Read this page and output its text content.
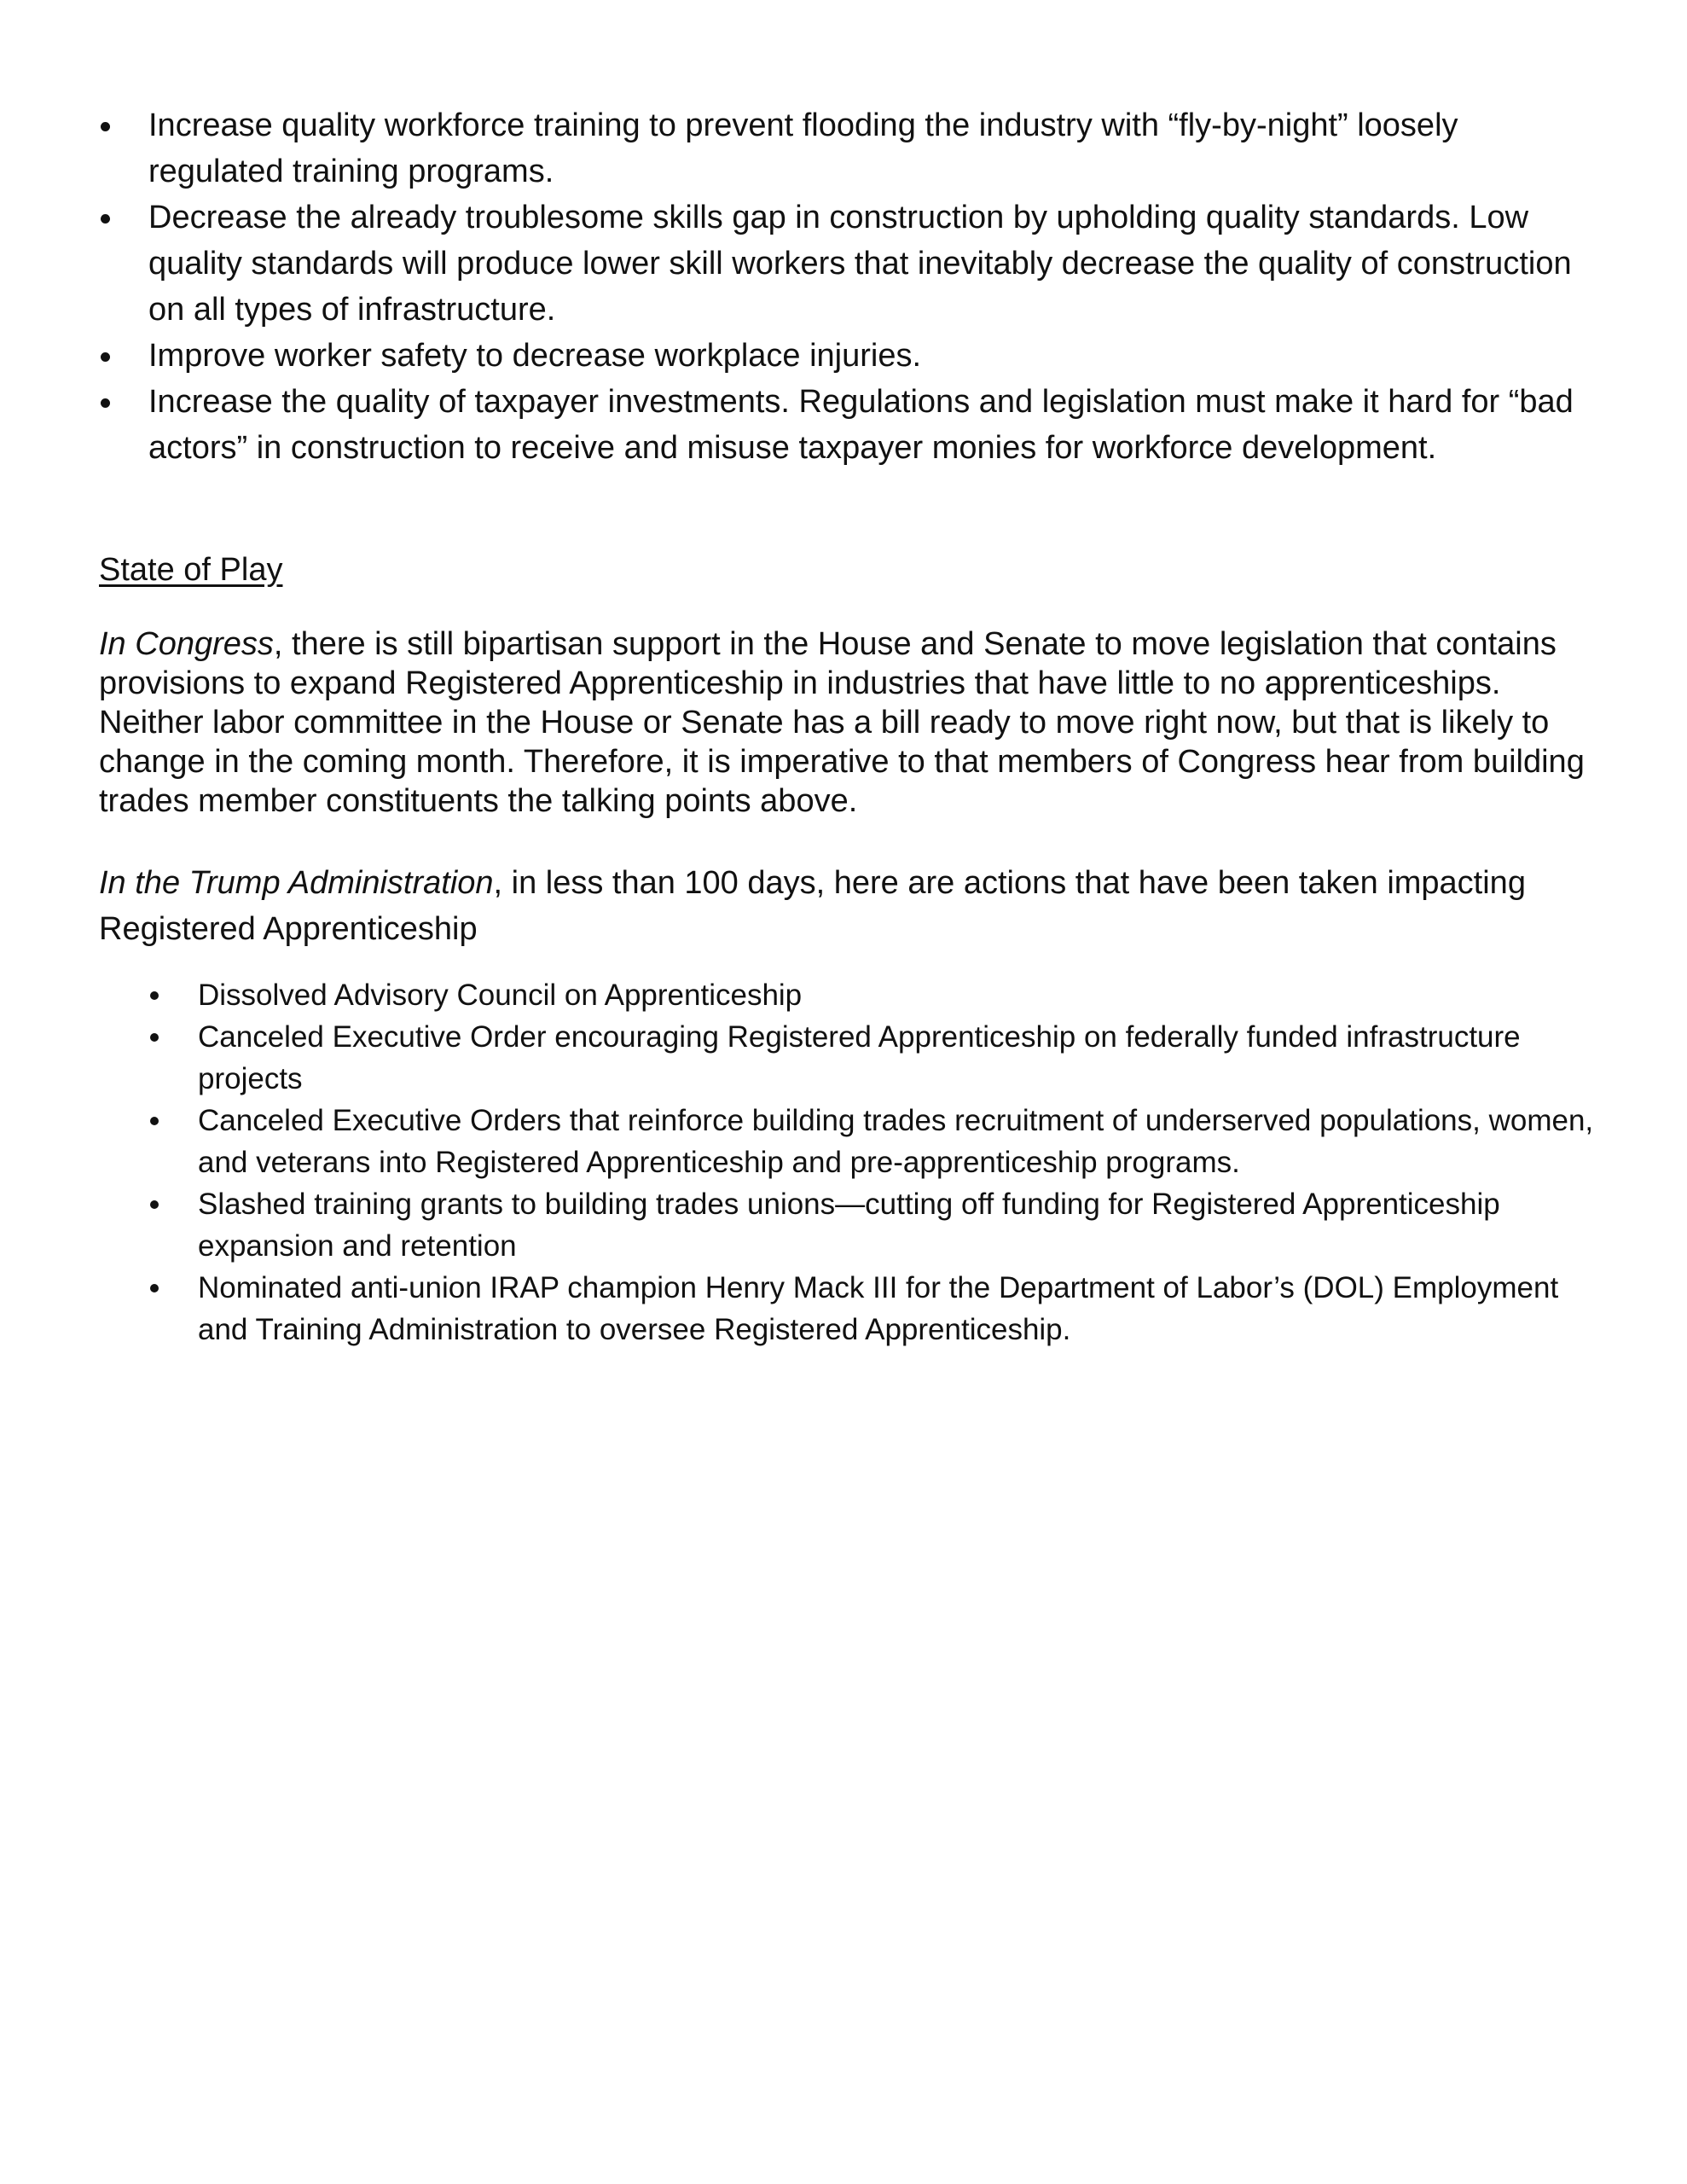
Increase quality workforce training to prevent flooding the industry with “fly-by-night” loosely regulated training programs.
Decrease the already troublesome skills gap in construction by upholding quality standards. Low quality standards will produce lower skill workers that inevitably decrease the quality of construction on all types of infrastructure.
Improve worker safety to decrease workplace injuries.
Increase the quality of taxpayer investments. Regulations and legislation must make it hard for “bad actors” in construction to receive and misuse taxpayer monies for workforce development.
State of Play

In Congress, there is still bipartisan support in the House and Senate to move legislation that contains provisions to expand Registered Apprenticeship in industries that have little to no apprenticeships. Neither labor committee in the House or Senate has a bill ready to move right now, but that is likely to change in the coming month. Therefore, it is imperative to that members of Congress hear from building trades member constituents the talking points above.

In the Trump Administration, in less than 100 days, here are actions that have been taken impacting Registered Apprenticeship

Dissolved Advisory Council on Apprenticeship
Canceled Executive Order encouraging Registered Apprenticeship on federally funded infrastructure projects
Canceled Executive Orders that reinforce building trades recruitment of underserved populations, women, and veterans into Registered Apprenticeship and pre-apprenticeship programs.
Slashed training grants to building trades unions—cutting off funding for Registered Apprenticeship expansion and retention
Nominated anti-union IRAP champion Henry Mack III for the Department of Labor’s (DOL) Employment and Training Administration to oversee Registered Apprenticeship.
